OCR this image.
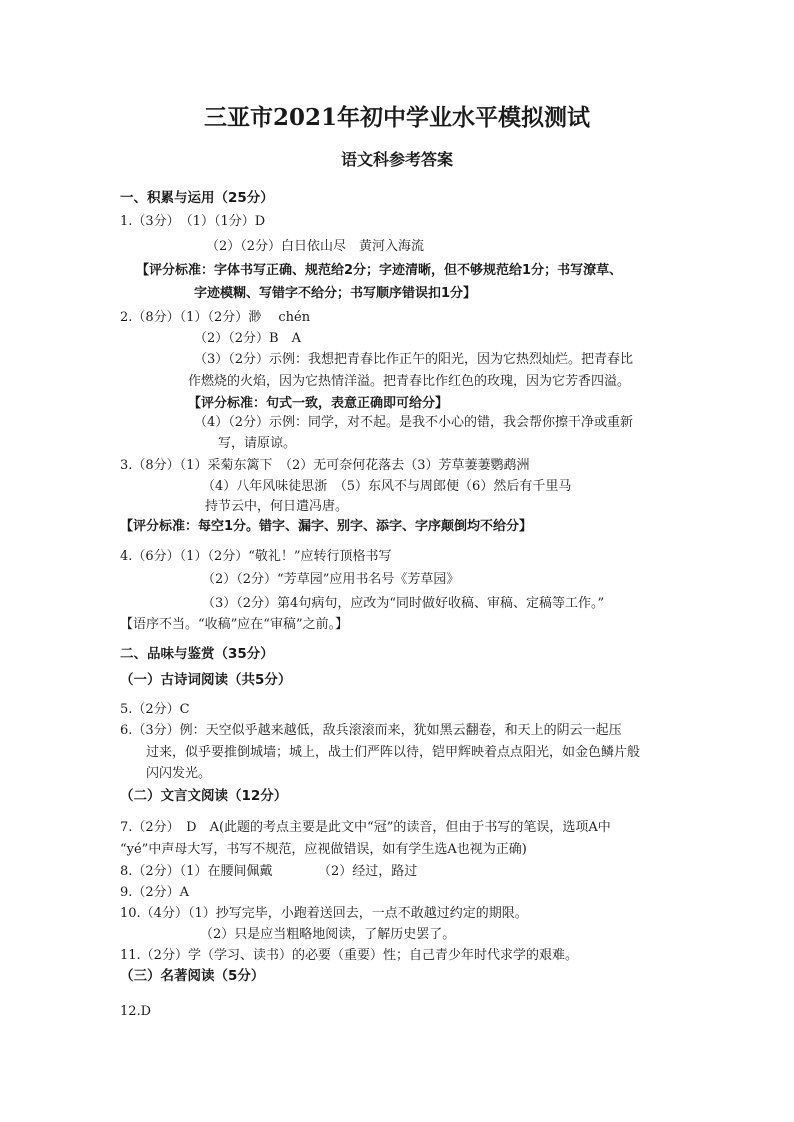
三亚市2021年初中学业水平模拟测试
语文科参考答案
一、积累与运用（25分）
1.（3分）　（1）（1分）D
（2）（2分）白日依山尽　黄河入海流
【评分标准：字体书写正确、规范给2分；字迹清晰，但不够规范给1分；书写潦草、
字迹模糊、写错字不给分；书写顺序错误扣1分】
2.（8分）（1）（2分）渺　 chén
（2）（2分）B　A
（3）（2分）示例：我想把青春比作正午的阳光，因为它热烈灿烂。把青春比
作燃烧的火焰，因为它热情洋溢。把青春比作红色的玫瑰，因为它芳香四溢。
【评分标准：句式一致，表意正确即可给分】
（4）（2分）示例：同学，对不起。是我不小心的错，我会帮你擦干净或重新
写，请原谅。
3.（8分）（1）采菊东篱下　（2）无可奈何花落去（3）芳草萋萋鹦鹉洲
（4）八年风味徒思浙　（5）东风不与周郎便（6）然后有千里马
持节云中，何日遣冯唐。
【评分标准：每空1分。错字、漏字、别字、添字、字序颠倒均不给分】
4.（6分）（1）（2分）“敬礼！”应转行顶格书写
（2）（2分）“芳草园”应用书名号《芳草园》
（3）（2分）第4句病句，应改为“同时做好收稿、审稿、定稿等工作。”
【语序不当。“收稿”应在“审稿”之前。】
二、品味与鉴赏（35分）
（一）古诗词阅读（共5分）
5.（2分）C
6.（3分）例：天空似乎越来越低，敌兵滚滚而来，犹如黑云翻卷，和天上的阴云一起压
过来，似乎要推倒城墙；城上，战士们严阵以待，铠甲辉映着点点阳光，如金色鳞片般
闪闪发光。
（二）文言文阅读（12分）
7.（2分）　D　A(此题的考点主要是此文中“冠”的读音，但由于书写的笔误，选项A中
“yé”中声母大写，书写不规范，应视做错误，如有学生选A也视为正确)
8.（2分）（1）在腰间佩戴　　　　（2）经过，路过
9.（2分）A
10.（4分）（1）抄写完毕，小跑着送回去，一点不敢越过约定的期限。
（2）只是应当粗略地阅读，了解历史罢了。
11.（2分）学（学习、读书）的必要（重要）性；自己青少年时代求学的艰难。
（三）名著阅读（5分）
12.D
